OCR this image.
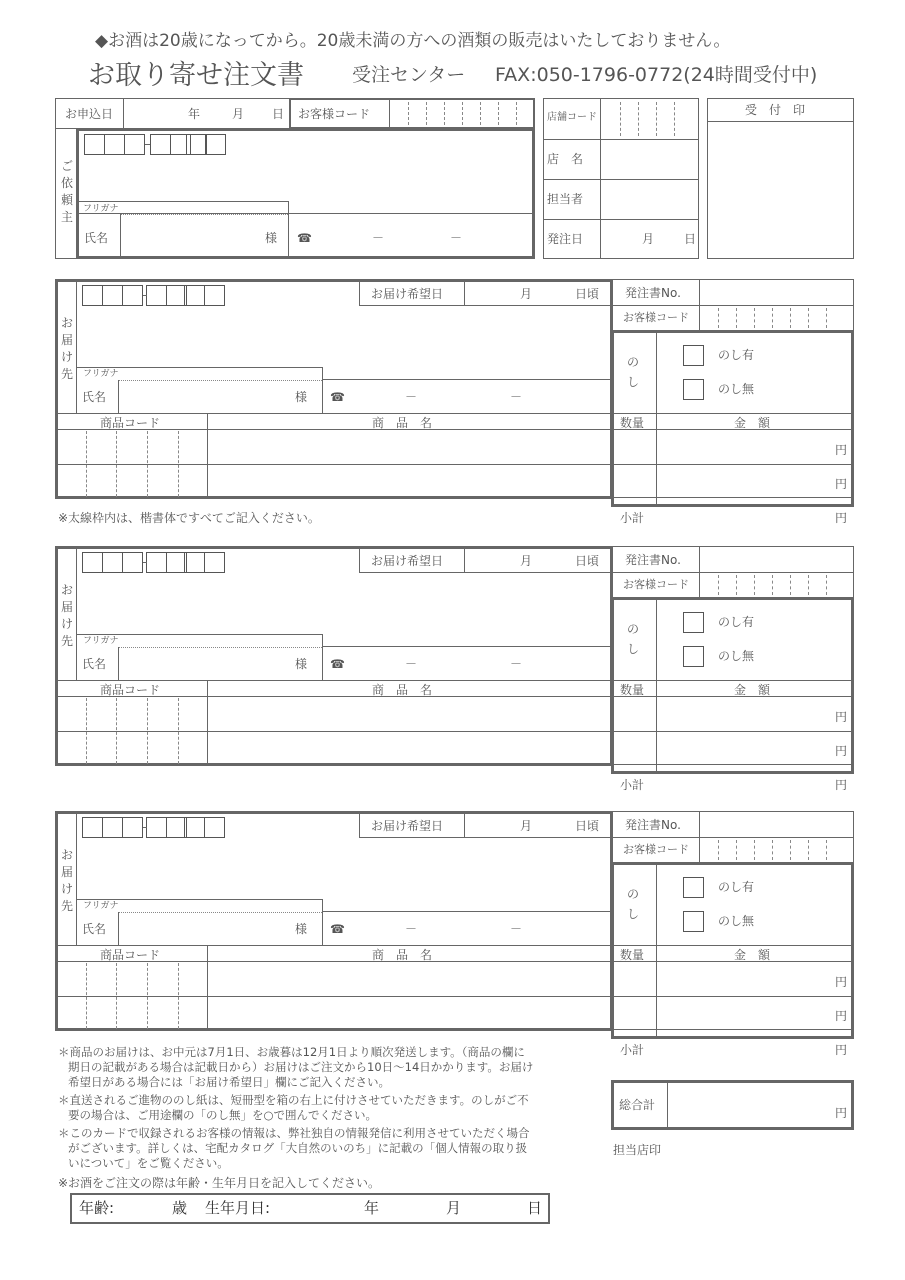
◆お酒は20歳になってから。20歳未満の方への酒類の販売はいたしておりません。
お取り寄せ注文書	受注センター FAX:050-1796-0772(24時間受付中)
お申込日	年	月 日 お客様コード
ご依頼主
フリガナ
氏名	様 ☎	－	－
店舗コード
店　名
担当者
発注日	月 日
受　付　印
お届け先
お届け希望日	月	日頃
フリガナ
氏名	様 ☎	－	－
商品コード	商　品　名
発注書No.
お客様コード
のし
のし有
のし無
数量	金　額
円
円
小計	円
お届け先
お届け希望日	月	日頃
フリガナ
氏名	様 ☎	－	－
商品コード	商　品　名
発注書No.
お客様コード
のし
のし有
のし無
数量	金　額
円
円
小計	円
お届け先
お届け希望日	月	日頃
フリガナ
氏名	様 ☎	－	－
商品コード	商　品　名
発注書No.
お客様コード
のし
のし有
のし無
数量	金　額
円
円
小計	円
※太線枠内は、楷書体ですべてご記入ください。
＊商品のお届けは、お中元は7月1日、お歳暮は12月1日より順次発送します。（商品の欄に
期日の記載がある場合は記載日から）お届けはご注文から10日～14日かかります。お届け
希望日がある場合には「お届け希望日」欄にご記入ください。
＊直送されるご進物ののし紙は、短冊型を箱の右上に付けさせていただきます。のしがご不
要の場合は、ご用途欄の「のし無」を○で囲んでください。
＊このカードで収録されるお客様の情報は、弊社独自の情報発信に利用させていただく場合
がございます。詳しくは、宅配カタログ「大自然のいのち」に記載の「個人情報の取り扱
いについて」をご覧ください。
※お酒をご注文の際は年齢・生年月日を記入してください。
年齢:	歳 生年月日:	年	月	日
総合計
円
担当店印
